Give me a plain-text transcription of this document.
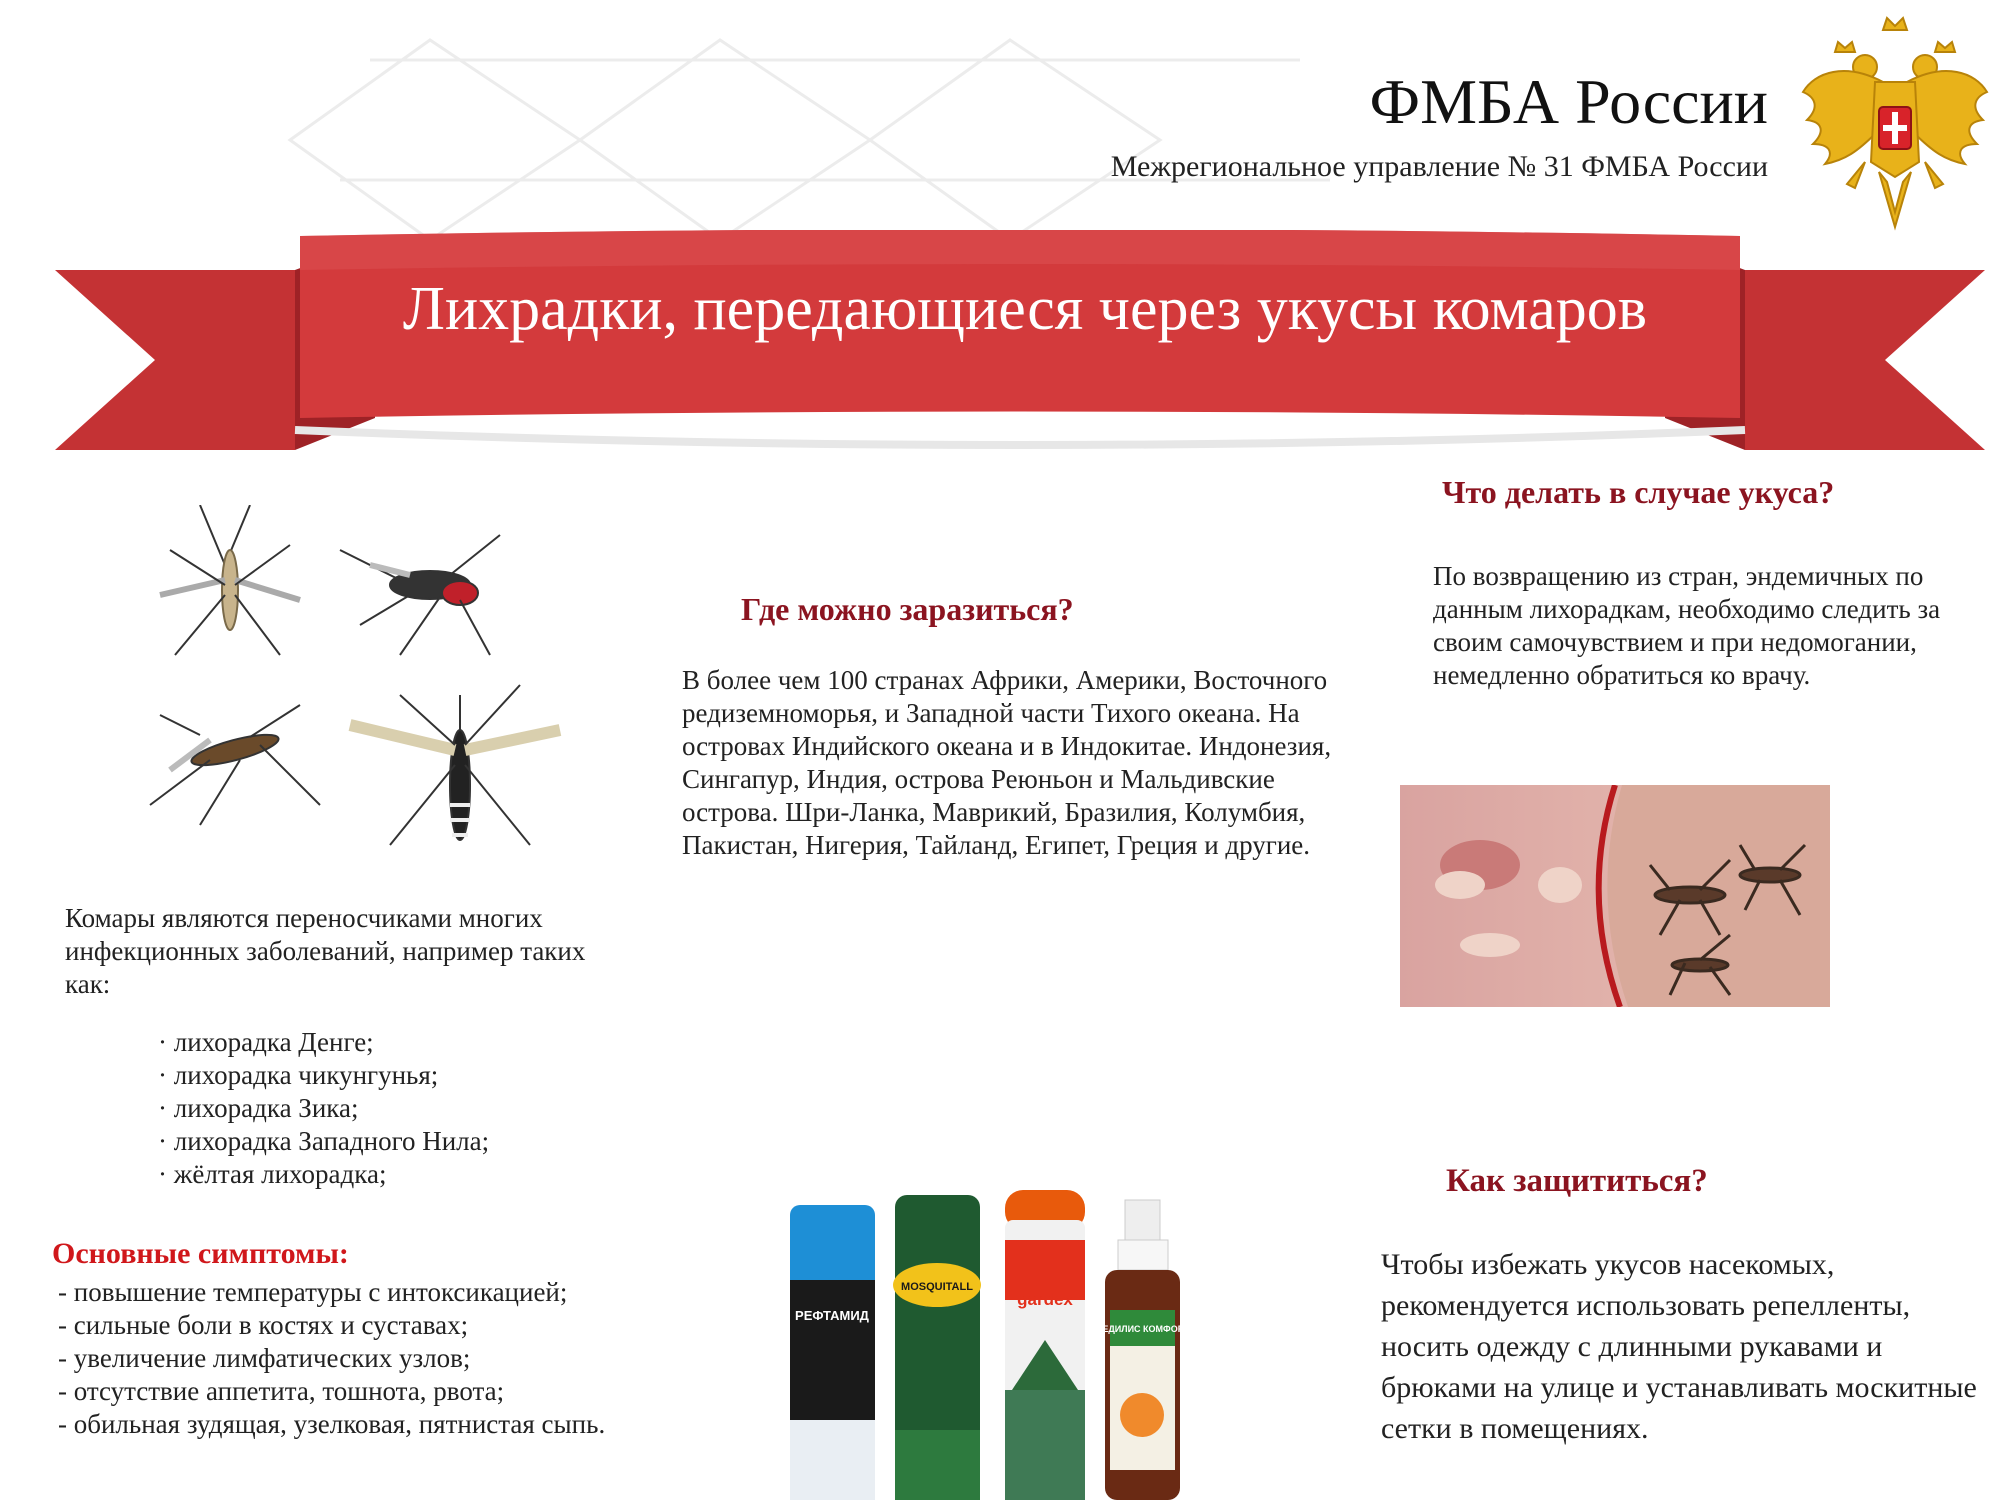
ФМБА России
Межрегиональное управление № 31 ФМБА России
Лихрадки, передающиеся через укусы комаров
Комары являются переносчиками многих инфекционных заболеваний, например таких как:
· лихорадка Денге;
· лихорадка чикунгунья;
· лихорадка Зика;
· лихорадка Западного Нила;
· жёлтая лихорадка;
Основные симптомы:
- повышение температуры с интоксикацией;
- сильные боли в костях и суставах;
- увеличение лимфатических узлов;
- отсутствие аппетита, тошнота, рвота;
- обильная зудящая, узелковая, пятнистая сыпь.
Где можно заразиться?
В более чем 100 странах Африки, Америки, Восточного редиземноморья, и Западной части Тихого океана. На островах Индийского океана и в Индокитае. Индонезия, Сингапур, Индия, острова Реюньон и Мальдивские острова. Шри-Ланка, Маврикий, Бразилия, Колумбия, Пакистан, Нигерия, Тайланд, Египет, Греция и другие.
Что делать в случае укуса?
По возвращению из стран, эндемичных по данным лихорадкам, необходимо следить за своим самочувствием и при недомогании, немедленно обратиться ко врачу.
Как защититься?
Чтобы избежать укусов насекомых, рекомендуется использовать репелленты, носить одежду с длинными рукавами и брюками на улице и устанавливать москитные сетки в помещениях.
РЕФТАМИД
MOSQUITALL
gardex
МЕДИЛИС КОМФОРТ
